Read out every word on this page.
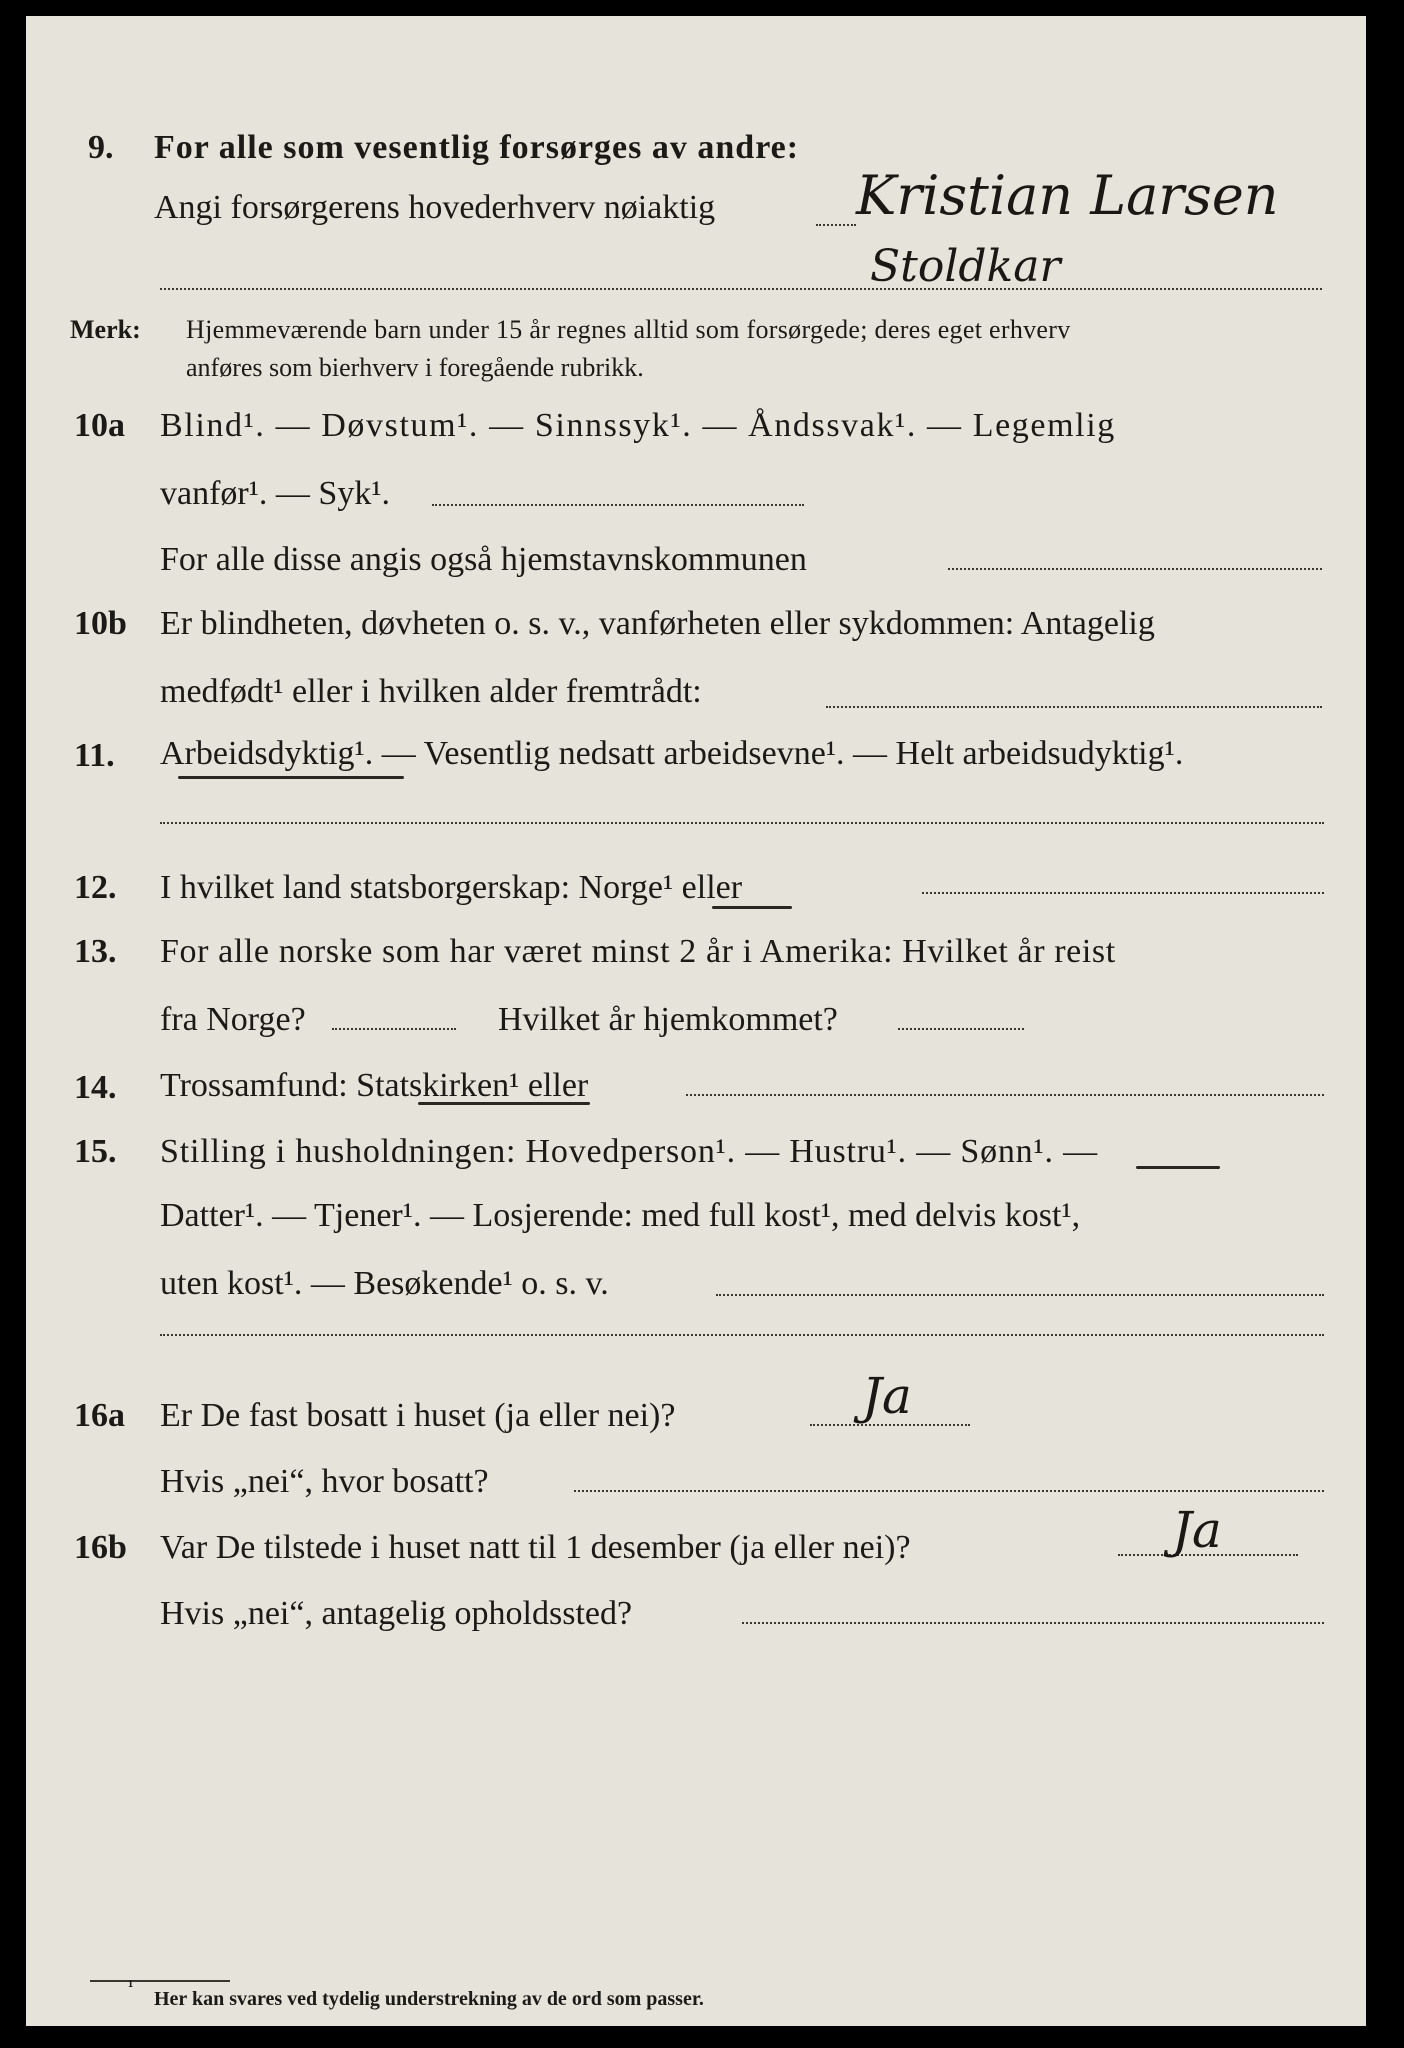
9. For alle som vesentlig forsørges av andre:
Angi forsørgerens hovederhverv nøiaktig	Kristian Larsen
Stoldkar
Merk: Hjemmeværende barn under 15 år regnes alltid som forsørgede; deres eget erhverv
anføres som bierhverv i foregående rubrikk.
10a Blind¹. — Døvstum¹. — Sinnssyk¹. — Åndssvak¹. — Legemlig
vanfør¹. — Syk¹.
For alle disse angis også hjemstavnskommunen
10b Er blindheten, døvheten o. s. v., vanførheten eller sykdommen: Antagelig
medfødt¹ eller i hvilken alder fremtrådt:
11. Arbeidsdyktig¹. — Vesentlig nedsatt arbeidsevne¹. — Helt arbeidsudyktig¹.
12. I hvilket land statsborgerskap: Norge¹ eller
13. For alle norske som har været minst 2 år i Amerika: Hvilket år reist
fra Norge?	Hvilket år hjemkommet?
14. Trossamfund: Statskirken¹ eller
15. Stilling i husholdningen: Hovedperson¹. — Hustru¹. — Sønn¹. —
Datter¹. — Tjener¹. — Losjerende: med full kost¹, med delvis kost¹,
uten kost¹. — Besøkende¹ o. s. v.
16a Er De fast bosatt i huset (ja eller nei)?	Ja
Hvis „nei“, hvor bosatt?
16b Var De tilstede i huset natt til 1 desember (ja eller nei)?	Ja
Hvis „nei“, antagelig opholdssted?
¹
Her kan svares ved tydelig understrekning av de ord som passer.
